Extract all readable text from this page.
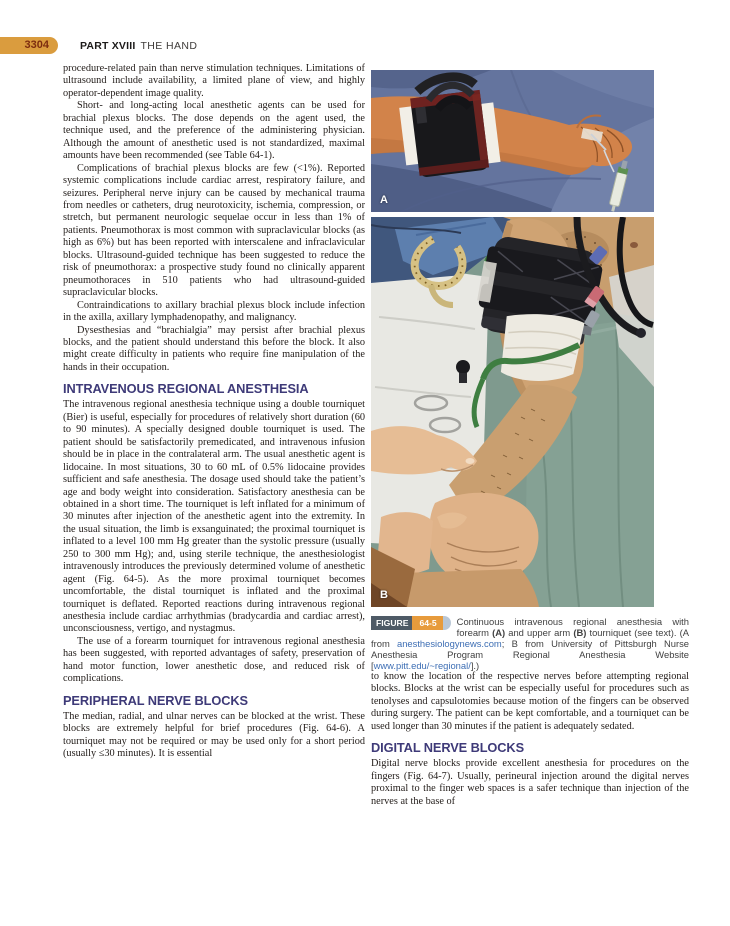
3304	PART XVIII THE HAND

procedure-related pain than nerve stimulation techniques. Limitations of ultrasound include availability, a limited plane of view, and highly operator-dependent image quality.

Short- and long-acting local anesthetic agents can be used for brachial plexus blocks. The dose depends on the agent used, the technique used, and the preference of the administering physician. Although the amount of anesthetic used is not standardized, maximal amounts have been recommended (see Table 64-1).

Complications of brachial plexus blocks are few (<1%). Reported systemic complications include cardiac arrest, respiratory failure, and seizures. Peripheral nerve injury can be caused by mechanical trauma from needles or catheters, drug neurotoxicity, ischemia, compression, or stretch, but permanent neurologic sequelae occur in less than 1% of patients. Pneumothorax is most common with supraclavicular blocks (as high as 6%) but has been reported with interscalene and infraclavicular blocks. Ultrasound-guided technique has been suggested to reduce the risk of pneumothorax: a prospective study found no clinically apparent pneumothoraces in 510 patients who had ultrasound-guided supraclavicular blocks.

Contraindications to axillary brachial plexus block include infection in the axilla, axillary lymphadenopathy, and malignancy.

Dysesthesias and “brachialgia” may persist after brachial plexus blocks, and the patient should understand this before the block. It also might create difficulty in patients who require fine manipulation of the hands in their occupation.

INTRAVENOUS REGIONAL ANESTHESIA

The intravenous regional anesthesia technique using a double tourniquet (Bier) is useful, especially for procedures of relatively short duration (60 to 90 minutes). A specially designed double tourniquet is used. The patient should be satisfactorily premedicated, and intravenous infusion should be in place in the contralateral arm. The usual anesthetic agent is lidocaine. In most situations, 30 to 60 mL of 0.5% lidocaine provides sufficient and safe anesthesia. The dosage used should take the patient’s age and body weight into consideration. Satisfactory anesthesia can be obtained in a short time. The tourniquet is left inflated for a minimum of 30 minutes after injection of the anesthetic agent into the extremity. In the usual situation, the limb is exsanguinated; the proximal tourniquet is inflated to a level 100 mm Hg greater than the systolic pressure (usually 250 to 300 mm Hg); and, using sterile technique, the anesthesiologist intravenously introduces the previously determined volume of anesthetic agent (Fig. 64-5). As the more proximal tourniquet becomes uncomfortable, the distal tourniquet is inflated and the proximal tourniquet is deflated. Reported reactions during intravenous regional anesthesia include cardiac arrhythmias (bradycardia and cardiac arrest), unconsciousness, vertigo, and nystagmus.

The use of a forearm tourniquet for intravenous regional anesthesia has been suggested, with reported advantages of safety, preservation of hand motor function, lower anesthetic dose, and reduced risk of complications.

PERIPHERAL NERVE BLOCKS

The median, radial, and ulnar nerves can be blocked at the wrist. These blocks are extremely helpful for brief procedures (Fig. 64-6). A tourniquet may not be required or may be used only for a short period (usually ≤30 minutes). It is essential

A
B
FIGURE 64-5	Continuous intravenous regional anesthesia with forearm (A) and upper arm (B) tourniquet (see text). (A from anesthesiologynews.com; B from University of Pittsburgh Nurse Anesthesia Program Regional Anesthesia Website [www.pitt.edu/~regional/].)

to know the location of the respective nerves before attempting regional blocks. Blocks at the wrist can be especially useful for procedures such as tenolyses and capsulotomies because motion of the fingers can be observed during surgery. The patient can be kept comfortable, and a tourniquet can be used longer than 30 minutes if the patient is adequately sedated.

DIGITAL NERVE BLOCKS

Digital nerve blocks provide excellent anesthesia for procedures on the fingers (Fig. 64-7). Usually, perineural injection around the digital nerves proximal to the finger web spaces is a safer technique than injection of the nerves at the base of
